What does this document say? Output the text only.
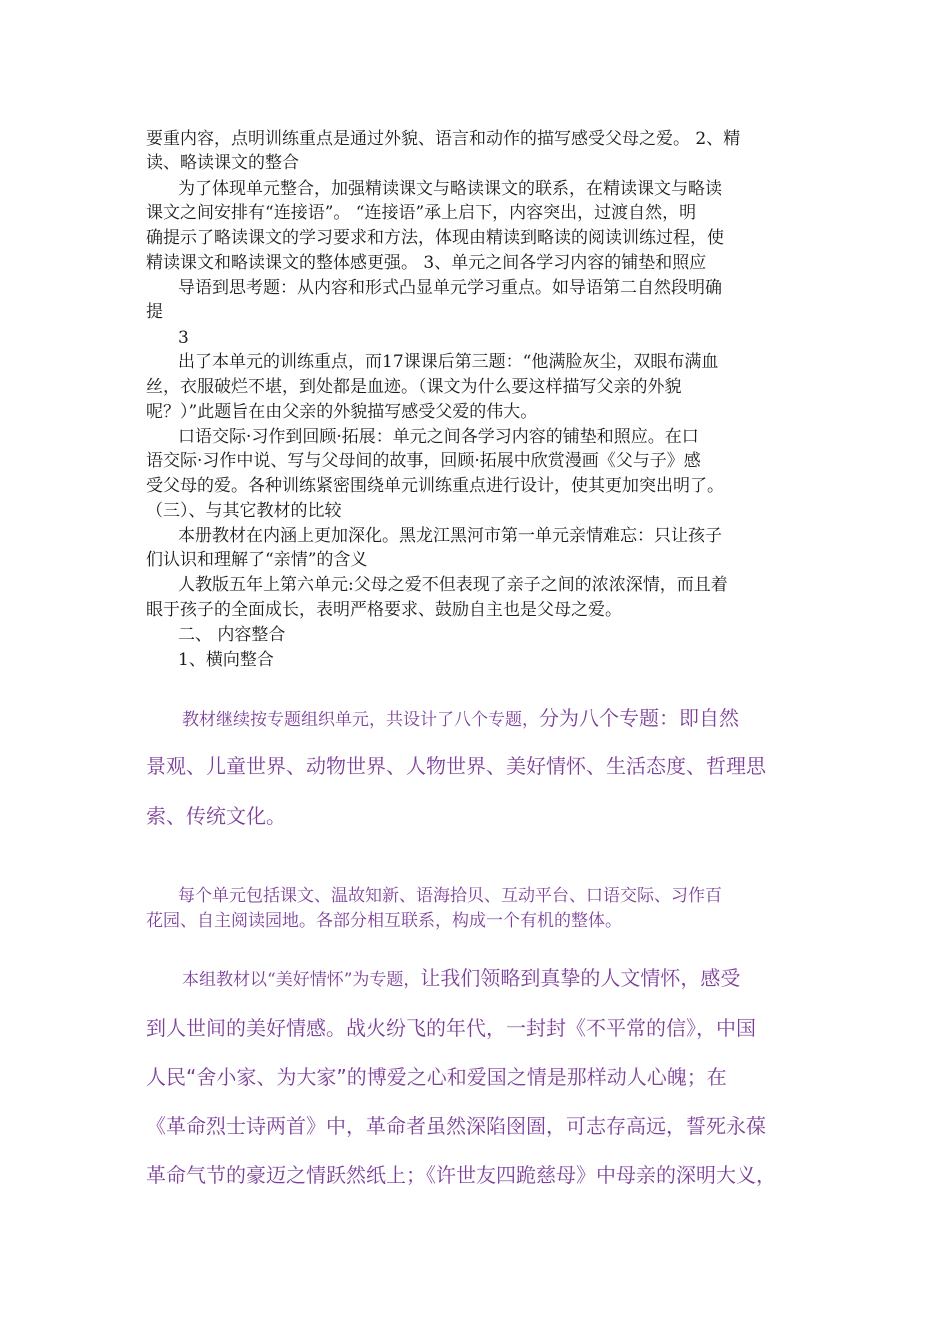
要重内容，点明训练重点是通过外貌、语言和动作的描写感受父母之爱。 2、精
读、略读课文的整合
为了体现单元整合，加强精读课文与略读课文的联系，在精读课文与略读
课文之间安排有“连接语”。 “连接语”承上启下，内容突出，过渡自然，明
确提示了略读课文的学习要求和方法，体现由精读到略读的阅读训练过程，使
精读课文和略读课文的整体感更强。 3、单元之间各学习内容的铺垫和照应
导语到思考题：从内容和形式凸显单元学习重点。如导语第二自然段明确
提
3
出了本单元的训练重点，而17课课后第三题：“他满脸灰尘，双眼布满血
丝，衣服破烂不堪，到处都是血迹。（课文为什么要这样描写父亲的外貌
呢？）”此题旨在由父亲的外貌描写感受父爱的伟大。
口语交际·习作到回顾·拓展：单元之间各学习内容的铺垫和照应。在口
语交际·习作中说、写与父母间的故事，回顾·拓展中欣赏漫画《父与子》感
受父母的爱。各种训练紧密围绕单元训练重点进行设计，使其更加突出明了。
（三）、与其它教材的比较
本册教材在内涵上更加深化。黑龙江黑河市第一单元亲情难忘：只让孩子
们认识和理解了“亲情”的含义
人教版五年上第六单元:父母之爱不但表现了亲子之间的浓浓深情，而且着
眼于孩子的全面成长，表明严格要求、鼓励自主也是父母之爱。
二、 内容整合
1、横向整合
教材继续按专题组织单元，共设计了八个专题，分为八个专题：即自然
景观、儿童世界、动物世界、人物世界、美好情怀、生活态度、哲理思
索、传统文化。
每个单元包括课文、温故知新、语海拾贝、互动平台、口语交际、习作百
花园、自主阅读园地。各部分相互联系，构成一个有机的整体。
本组教材以“美好情怀”为专题，让我们领略到真挚的人文情怀，感受
到人世间的美好情感。战火纷飞的年代，一封封《不平常的信》，中国
人民“舍小家、为大家”的博爱之心和爱国之情是那样动人心魄；在
《革命烈士诗两首》中，革命者虽然深陷囹圄，可志存高远，誓死永葆
革命气节的豪迈之情跃然纸上；《许世友四跪慈母》中母亲的深明大义，
